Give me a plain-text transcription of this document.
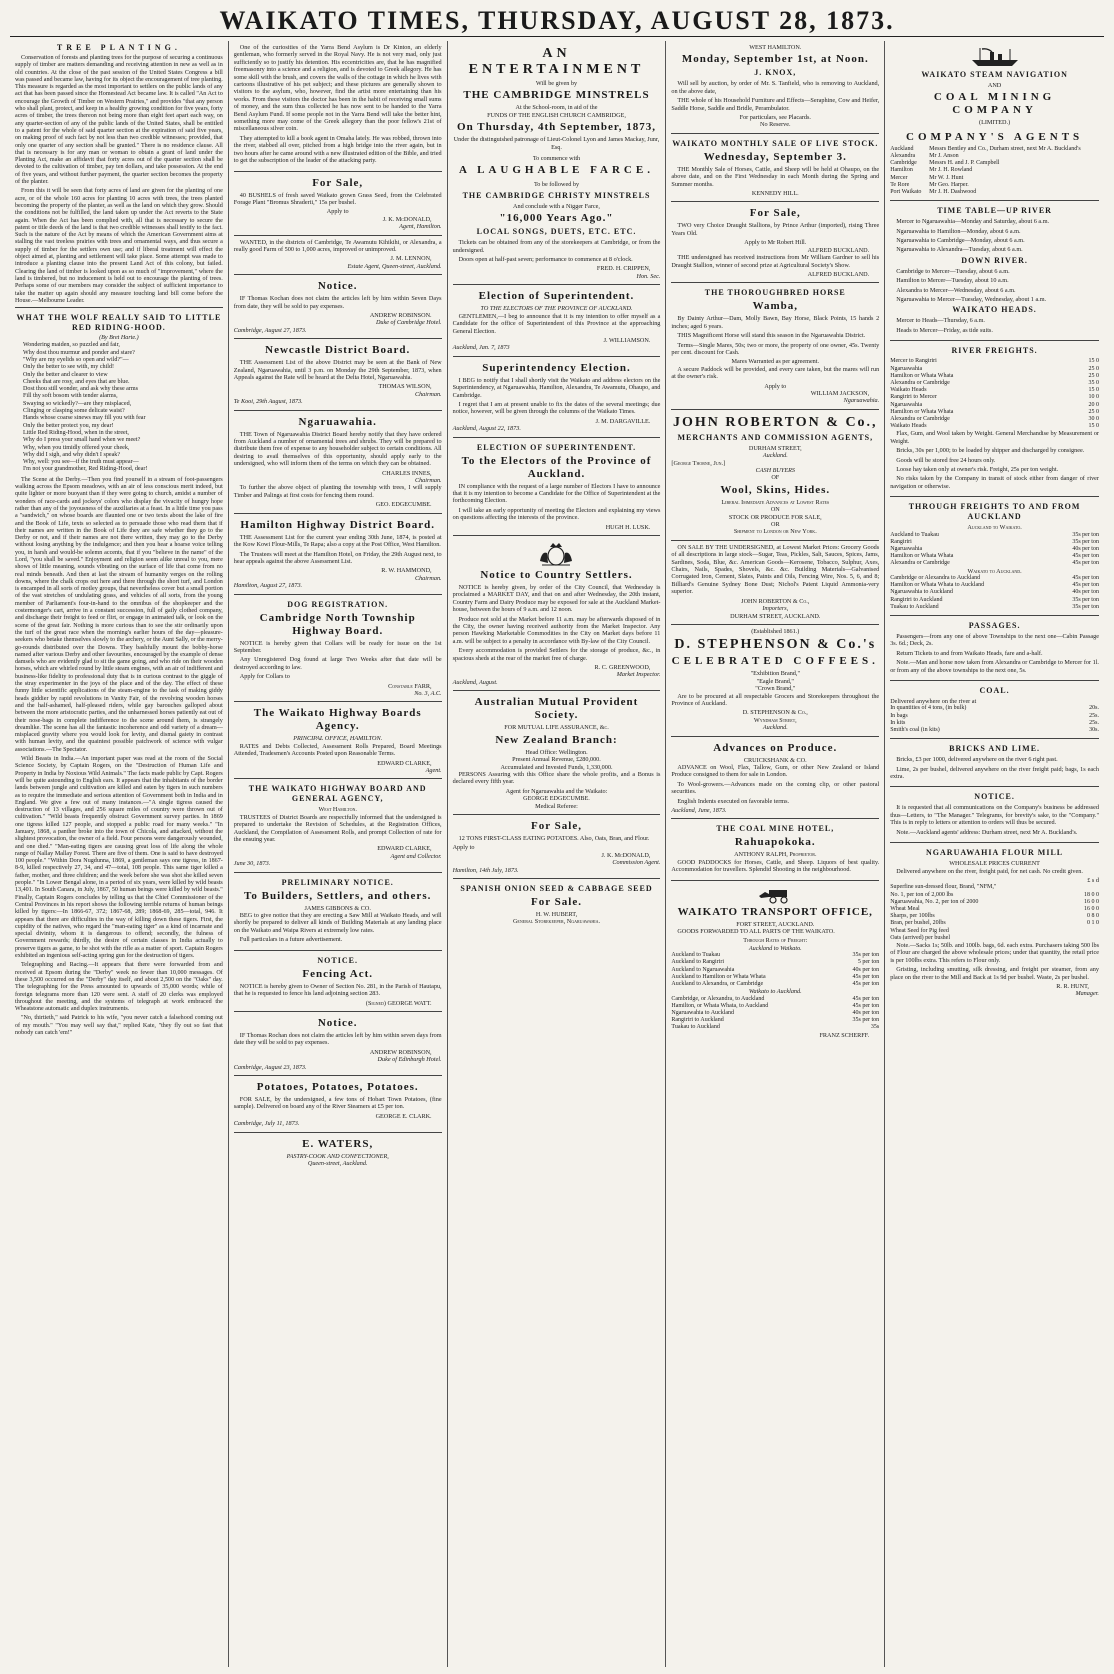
WAIKATO TIMES, THURSDAY, AUGUST 28, 1873.
TREE PLANTING.

Conservation of forests and planting trees for the purpose of securing a continuous supply of timber are matters demanding and receiving attention in new as well as in old countries. At the close of the past session of the United States Congress a bill was passed and became law, having for its object the encouragement of tree planting. This measure is regarded as the most important to settlers on the public lands of any act that has been passed since the Homestead Act became law. It is called "An Act to encourage the Growth of Timber on Western Prairies," and provides "that any person who shall plant, protect, and keep in a healthy growing condition for five years, forty acres of timber, the trees thereon not being more than eight feet apart each way, on any quarter-section of any of the public lands of the United States, shall be entitled to a patent for the whole of said quarter section at the expiration of said five years, on making proof of such fact by not less than two credible witnesses; provided, that only one quarter of any section shall be granted." There is no residence clause. All that is necessary is for any man or woman to obtain a grant of land under the Planting Act, make an affidavit that forty acres out of the quarter section shall be devoted to the cultivation of timber, pay ten dollars, and take possession. At the end of five years, and without further payment, the quarter section becomes the property of the planter.

From this it will be seen that forty acres of land are given for the planting of one acre, or of the whole 160 acres for planting 10 acres with trees, the trees planted becoming the property of the planter, as well as the land on which they grow. Should the conditions not be fulfilled, the land taken up under the Act reverts to the State again. When the Act has been complied with, all that is necessary to secure the patent or title deeds of the land is that two credible witnesses shall testify to the fact. Such is the nature of the Act by means of which the American Government aims at stalling the vast treeless prairies with trees and ornamental ways, and thus secure a supply of timber for the settlers own use; and if liberal treatment will effect the object aimed at, planting and settlement will take place. Some attempt was made to introduce a planting clause into the present Land Act of this colony, but failed. Clearing the land of timber is looked upon as so much of "improvement," where the land is timbered, but no inducement is held out to encourage the planting of trees. Perhaps some of our members may consider the subject of sufficient importance to take the matter up again should any measure touching land bill come before the House.—Melbourne Leader.

WHAT THE WOLF REALLY SAID TO LITTLE RED RIDING-HOOD.
(By Bret Harte.)
Wondering maiden, so puzzled and fair,
Why dost thou murmur and ponder and stare?
"Why are my eyelids so open and wild?"—
Only the better to see with, my child!
Only the better and clearer to view
Cheeks that are rosy, and eyes that are blue.
Dost thou still wonder, and ask why these arms
Fill thy soft bosom with tender alarms,
Swaying so wickedly?—are they misplaced,
Clinging or clasping some delicate waist?
Hands whose coarse sinews may fill you with fear
Only the better protect you, my dear!
Little Red Riding-Hood, when in the street,
Why do I press your small hand when we meet?
Why, when you timidly offered your cheek,
Why did I sigh, and why didn't I speak?
Why, well: you see—if the truth must appear—
I'm not your grandmother, Red Riding-Hood, dear!

The Scene at the Derby.—Then you find yourself in a stream of foot-passengers walking across the Epsom meadows, with an air of less conscious merit indeed, but quite lighter or more buoyant than if they were going to church, amidst a number of wonders of race-cards and jockeys' colors who display the vivacity of hungry hope rather than any of the joyousness of the auxiliaries at a feast. In a little time you pass a "sandwich," on whose boards are flaunted one or two texts about the lake of fire and the Book of Life, texts so selected as to persuade those who read them that if their names are written in the Book of Life they are safe whether they go to the Derby or not, and if their names are not there written, they may go to the Derby without losing anything by the indulgence; and then you hear a hoarse voice telling you, in harsh and would-be solemn accents, that if you "believe in the name" of the Lord, "you shall be saved." Enjoyment and religion seem alike unreal to you, mere shows of little meaning, sounds vibrating on the surface of life that come from no real minds beneath. And then at last the stream of humanity verges on the rolling downs, where the chalk crops out here and there through the short turf, and London is encamped in all sorts of motley groups, that nevertheless cover but a small portion of the vast stretches of undulating grass, and vehicles of all sorts, from the young member of Parliament's four-in-hand to the omnibus of the shopkeeper and the costermonger's cart, arrive in a constant succession, full of gaily clothed company, and discharge their freight to feed or flirt, or engage in animated talk, or look on the scene of the great fair. Nothing is more curious than to see the stir ordinarily upon the turf of the great race when the morning's earlier hours of the day—pleasure-seekers who betake themselves slowly to the archery, or the Aunt Sally, or the merry-go-rounds distributed over the Downs. They bashfully mount the bobby-horse named after various Derby and other favourites, encouraged by the example of dense damsels who are evidently glad to sit the game going, and who ride on their wooden horses, which are whirled round by little steam engines, with an air of indifferent and business-like fidelity to professional duty that is in curious contrast to the giggle of the stray experimenter in the joys of the place and of the day. The effect of these funny little scientific applications of the steam-engine to the task of making giddy heads giddier by rapid revolutions in Vanity Fair, of the revolving wooden horses and the half-ashamed, half-pleased riders, while gay barouches galloped about between the more aristocratic parties, and the unharnessed horses patiently eat out of their nose-bags in complete indifference to the scene around them, is strangely dreamlike. The scene has all the fantastic incoherence and odd variety of a dream—misplaced gravity where you would look for levity, and dismal gaiety in contrast with human levity, and the quaintest possible patchwork of science with vulgar associations.—The Spectator.

Wild Beasts in India.—An important paper was read at the room of the Social Science Society, by Captain Rogers, on the "Destruction of Human Life and Property in India by Noxious Wild Animals." The facts made public by Capt. Rogers will be quite astounding to English ears. It appears that the inhabitants of the border lands between jungle and cultivation are killed and eaten by tigers in such numbers as to require the immediate and serious attention of Government both in India and in England. We give a few out of many instances.—"A single tigress caused the destruction of 13 villages, and 256 square miles of country were thrown out of cultivation." "Wild beasts frequently obstruct Government survey parties. In 1869 one tigress killed 127 people, and stopped a public road for many weeks." "In January, 1868, a panther broke into the town of Chicola, and attacked, without the slightest provocation, the owner of a field. Four persons were dangerously wounded, and one died." "Man-eating tigers are causing great loss of life along the whole range of Nallay Mallay Forest. There are five of them. One is said to have destroyed 100 people." "Within Dora Nugdunna, 1869, a gentleman says one tigress, in 1867-8-9, killed respectively 27, 34, and 47—total, 108 people. This same tiger killed a father, mother, and three children; and the week before she was shot she killed seven people." "In Lower Bengal alone, in a period of six years, were killed by wild beasts 13,401. In South Canara, in July, 1867, 50 human beings were killed by wild beasts." Finally, Captain Rogers concludes by telling us that the Chief Commissioner of the Central Provinces in his report shows the following terrible returns of human beings killed by tigers:—In 1866-67, 372; 1867-68, 289; 1868-69, 285—total, 946. It appears that there are difficulties in the way of killing down these tigers. First, the cupidity of the natives, who regard the "man-eating tiger" as a kind of incarnate and special divinity, whom it is dangerous to offend; secondly, the fulness of Government rewards; thirdly, the desire of certain classes in India actually to preserve tigers as game, to be shot with the rifle as a matter of sport. Captain Rogers exhibited an ingenious self-acting spring gun for the destruction of tigers.

Telegraphing and Racing.—It appears that there were forwarded from and received at Epsom during the "Derby" week no fewer than 10,000 messages. Of these 3,500 occurred on the "Derby" day itself, and about 2,500 on the "Oaks" day. The telegraphing for the Press amounted to upwards of 35,000 words; while of foreign telegrams more than 120 were sent. A staff of 20 clerks was employed throughout the meeting, and the systems of telegraph at work embraced the Wheatstone automatic and duplex instruments.

"No, thirtieth," said Patrick to his wife, "you never catch a falsehood coming out of my mouth." "You may well say that," replied Kate, "they fly out so fast that nobody can catch 'em!"

One of the curiosities of the Yarra Bend Asylum is Dr Kinton, an elderly gentleman, who formerly served in the Royal Navy. He is not very mad, only just sufficiently so to justify his detention. His eccentricities are, that he has magnified freemasonry into a science and a religion, and is devoted to Greek allegory. He has some skill with the brush, and covers the walls of the cottage in which he lives with cartoons illustrative of his pet subject; and these pictures are generally shown to visitors to the asylum, who, however, find the artist more entertaining than his works. From these visitors the doctor has been in the habit of receiving small sums of money, and the sum thus collected he has now sent to be handed to the Yarra Bend Asylum Fund. If some people not in the Yarra Bend will take the better hint, something more may come of the Greek allegory than the poor fellow's 21st of miscellaneous silver coin.

They attempted to kill a book agent in Omaha lately. He was robbed, thrown into the river, stabbed all over, pitched from a high bridge into the river again, but in two hours after he came around with a new illustrated edition of the Bible, and tried to get the subscription of the leader of the attacking party.

For Sale,

40 BUSHELS of fresh saved Waikato grown Grass Seed, from the Celebrated Forage Plant "Bromus Shraderii," 15s per bushel.

Apply to
J. K. McDONALD,
Agent, Hamilton.

WANTED, in the districts of Cambridge, Te Awamutu Kihikihi, or Alexandra, a really good Farm of 500 to 1,000 acres, improved or unimproved.

J. M. LENNON,
Estate Agent, Queen-street, Auckland.
Notice.

IF Thomas Kochan does not claim the articles left by him within Seven Days from date, they will be sold to pay expenses.

ANDREW ROBINSON.
Duke of Cambridge Hotel.
Cambridge, August 27, 1873.
Newcastle District Board.

THE Assessment List of the above District may be seen at the Bank of New Zealand, Ngaruawahia, until 3 p.m. on Monday the 29th September, 1873, when Appeals against the Rate will be heard at the Delta Hotel, Ngaruawahia.

THOMAS WILSON,
Chairman.
Te Kooi, 29th August, 1873.
Ngaruawahia.

THE Town of Ngaruawahia District Board hereby notify that they have ordered from Auckland a number of ornamental trees and shrubs. They will be prepared to distribute them free of expense to any householder subject to certain conditions. All desiring to avail themselves of this opportunity, should apply early to the undersigned, who will inform them of the terms on which they can be obtained.

CHARLES INNES,
Chairman.

To further the above object of planting the township with trees, I will supply Timber and Palings at first costs for fencing them round.

GEO. EDGECUMBE.
Hamilton Highway District Board.

THE Assessment List for the current year ending 30th June, 1874, is posted at the Kow Kowi Flour-Mills, Te Rapa; also a copy at the Post Office, West Hamilton.

The Trustees will meet at the Hamilton Hotel, on Friday, the 29th August next, to hear appeals against the above Assessment List.

R. W. HAMMOND,
Chairman.
Hamilton, August 27, 1873.
DOG REGISTRATION.
Cambridge North Township Highway Board.

NOTICE is hereby given that Collars will be ready for issue on the 1st September.

Any Unregistered Dog found at large Two Weeks after that date will be destroyed according to law.

Apply for Collars to

Constable FARR,
No. 3, A.C.
The Waikato Highway Boards Agency.
PRINCIPAL OFFICE, HAMILTON.

RATES and Debts Collected, Assessment Rolls Prepared, Board Meetings Attended, Tradesmen's Accounts Posted upon Reasonable Terms.

EDWARD CLARKE,
Agent.
THE WAIKATO HIGHWAY BOARD AND GENERAL AGENCY,
West Hamilton.

TRUSTEES of District Boards are respectfully informed that the undersigned is prepared to undertake the Revision of Schedules, at the Registration Offices, Auckland, the Compilation of Assessment Rolls, and prompt Collection of rate for the ensuing year.

EDWARD CLARKE,
Agent and Collector.
June 30, 1873.
PRELIMINARY NOTICE.
To Builders, Settlers, and others.
JAMES GIBBONS & CO.

BEG to give notice that they are erecting a Saw Mill at Waikato Heads, and will shortly be prepared to deliver all kinds of Building Materials at any landing place on the Waikato and Waipa Rivers at extremely low rates.

Full particulars in a future advertisement.

NOTICE.
Fencing Act.

NOTICE is hereby given to Owner of Section No. 281, in the Parish of Hautapu, that he is requested to fence his land adjoining section 283.

(Signed) GEORGE WATT.
Notice.

IF Thomas Rochan does not claim the articles left by him within seven days from date they will be sold to pay expenses.

ANDREW ROBINSON,
Duke of Edinburgh Hotel.
Cambridge, August 23, 1873.
Potatoes, Potatoes, Potatoes.

FOR SALE, by the undersigned, a few tons of Hobart Town Potatoes, (fine sample). Delivered on board any of the River Steamers at £5 per ton.

GEORGE E. CLARK.
Cambridge, July 11, 1873.
E. WATERS,
PASTRY-COOK AND CONFECTIONER,
Queen-street, Auckland.
AN ENTERTAINMENT
Will be given by
THE CAMBRIDGE MINSTRELS
At the School-room, in aid of the
FUNDS OF THE ENGLISH CHURCH CAMBRIDGE,
On Thursday, 4th September, 1873,
Under the distinguished patronage of Lieut-Colonel Lyon and James Mackay, Junr, Esq.
To commence with
A LAUGHABLE FARCE.
To be followed by
THE CAMBRIDGE CHRISTY MINSTRELS
And conclude with a Nigger Farce,
"16,000 Years Ago."
LOCAL SONGS, DUETS, ETC. ETC.

Tickets can be obtained from any of the storekeepers at Cambridge, or from the undersigned.

Doors open at half-past seven; performance to commence at 8 o'clock.

FRED. H. CRIPPEN,
Hon. Sec.
Election of Superintendent.
TO THE ELECTORS OF THE PROVINCE OF AUCKLAND.

GENTLEMEN,—I beg to announce that it is my intention to offer myself as a Candidate for the office of Superintendent of this Province at the approaching General Election.

J. WILLIAMSON.
Auckland, Jan. 7, 1873
Superintendency Election.

I BEG to notify that I shall shortly visit the Waikato and address electors on the Superintendency, at Ngaruawahia, Hamilton, Alexandra, Te Awamutu, Ohaupo, and Cambridge.

I regret that I am at present unable to fix the dates of the several meetings; due notice, however, will be given through the columns of the Waikato Times.

J. M. DARGAVILLE.
Auckland, August 22, 1873.
ELECTION OF SUPERINTENDENT.
To the Electors of the Province of Auckland.

IN compliance with the request of a large number of Electors I have to announce that it is my intention to become a Candidate for the Office of Superintendent at the forthcoming Election.

I will take an early opportunity of meeting the Electors and explaining my views on questions affecting the interests of the province.

HUGH H. LUSK.
Notice to Country Settlers.

NOTICE is hereby given, by order of the City Council, that Wednesday is proclaimed a MARKET DAY, and that on and after Wednesday, the 20th instant, Country Farm and Dairy Produce may be exposed for sale at the Auckland Market-house, between the hours of 9 a.m. and 12 noon.

Produce not sold at the Market before 11 a.m. may be afterwards disposed of in the City, the owner having received authority from the Market Inspector. Any person Hawking Marketable Commodities in the City on Market days before 11 a.m. will be subject to a penalty in accordance with By-law of the City Council.

Every accommodation is provided Settlers for the storage of produce, &c., in spacious sheds at the rear of the market free of charge.

R. C. GREENWOOD,
Market Inspector.
Auckland, August.
Australian Mutual Provident Society.
FOR MUTUAL LIFE ASSURANCE, &c.
New Zealand Branch:
Head Office: Wellington.
Present Annual Revenue, £280,000.
Accumulated and Invested Funds, 1,330,000.

PERSONS Assuring with this Office share the whole profits, and a Bonus is declared every fifth year.

Agent for Ngaruawahia and the Waikato:
GEORGE EDGECUMBE.
Medical Referee:
For Sale,

12 TONS FIRST-CLASS EATING POTATOES. Also, Oats, Bran, and Flour.

Apply to
J. K. McDONALD,
Commission Agent.
Hamilton, 14th July, 1873.
SPANISH ONION SEED & CABBAGE SEED
For Sale.
H. W. HUBERT,
General Storekeeper, Ngaruawahia.
WEST HAMILTON.
Monday, September 1st, at Noon.
J. KNOX,

Will sell by auction, by order of Mr. S. Tanfield, who is removing to Auckland, on the above date,

THE whole of his Household Furniture and Effects—Seraphine, Cow and Heifer, Saddle Horse, Saddle and Bridle, Perambulator.

For particulars, see Placards.
No Reserve.
WAIKATO MONTHLY SALE OF LIVE STOCK.
Wednesday, September 3.

THE Monthly Sale of Horses, Cattle, and Sheep will be held at Ohaupo, on the above date, and on the First Wednesday in each Month during the Spring and Summer months.

KENNEDY HILL.
For Sale,

TWO very Choice Draught Stallions, by Prince Arthur (imported), rising Three Years Old.

Apply to Mr Robert Hill.
ALFRED BUCKLAND.

THE undersigned has received instructions from Mr William Gardner to sell his Draught Stallion, winner of second prize at Agricultural Society's Show.

ALFRED BUCKLAND.
THE THOROUGHBRED HORSE
Wamba,

By Dainty Arthur—Dam, Molly Bawn, Bay Horse, Black Points, 15 hands 2 inches; aged 6 years.

THIS Magnificent Horse will stand this season in the Ngaruawahia District.

Terms—Single Mares, 50s; two or more, the property of one owner, 45s. Twenty per cent. discount for Cash.

Mares Warranted as per agreement.

A secure Paddock will be provided, and every care taken, but the mares will run at the owner's risk.

Apply to
WILLIAM JACKSON,
Ngaruawahia.
JOHN ROBERTON & Co.,
MERCHANTS AND COMMISSION AGENTS,
DURHAM STREET,
Auckland.
[George Thorne, Jun.]
CASH BUYERS
OF
Wool, Skins, Hides.
Liberal Immediate Advances at Lowest Rates
ON
STOCK OR PRODUCE FOR SALE,
OR
Shipment to London or New York.

ON SALE BY THE UNDERSIGNED, at Lowest Market Prices: Grocery Goods of all descriptions in large stock—Sugar, Teas, Pickles, Salt, Sauces, Spices, Jams, Sardines, Soda, Blue, &c. American Goods—Kerosene, Tobacco, Sulphur, Axes, Chairs, Nails, Spades, Shovels, &c. &c. Building Materials—Galvanised Corrugated Iron, Cement, Slates, Paints and Oils, Fencing Wire, Nos. 5, 6, and 8; Billiard's Genuine Sydney Bone Dust; Nichol's Patent Liquid Ammonia-very superior.

JOHN ROBERTON & Co.,
Importers,
DURHAM STREET, AUCKLAND.
(Established 1861.)
D. STEPHENSON & Co.'s
CELEBRATED COFFEES.
"Exhibition Brand,"
"Eagle Brand,"
"Crown Brand,"

Are to be procured at all respectable Grocers and Storekeepers throughout the Province of Auckland.

D. STEPHENSON & Co.,
Wyndham Street,
Auckland.
Advances on Produce.
CRUICKSHANK & CO.

ADVANCE on Wool, Flax, Tallow, Gum, or other New Zealand or Island Produce consigned to them for sale in London.

To Wool-growers.—Advances made on the coming clip, or other pastoral securities.

English Indents executed on favorable terms.

Auckland, June, 1873.
THE COAL MINE HOTEL,
Rahuapokoka.
ANTHONY RALPH, Proprietor.

GOOD PADDOCKS for Horses, Cattle, and Sheep. Liquors of best quality. Accommodation for travellers. Splendid Shooting in the neighbourhood.

WAIKATO TRANSPORT OFFICE,
FORT STREET, AUCKLAND.

GOODS FORWARDED TO ALL PARTS OF THE WAIKATO.

Through Rates of Freight:
Auckland to Waikato.
Auckland to Tuakau	35s per ton
Auckland to Rangiriri	5 per ton
Auckland to Ngaruawahia	40s per ton
Auckland to Hamilton or Whata Whata	45s per ton
Auckland to Alexandra, or Cambridge	45s per ton
Waikato to Auckland.
Cambridge, or Alexandra, to Auckland	45s per ton
Hamilton, or Whata Whata, to Auckland	45s per ton
Ngaruawahia to Auckland	40s per ton
Rangiriri to Auckland	35s per ton
Tuakau to Auckland	35s
FRANZ SCHERFF.
WAIKATO STEAM NAVIGATION
AND
COAL MINING COMPANY
(LIMITED.)
COMPANY'S AGENTS
Auckland	Messrs Bentley and Co., Durham street, next Mr A. Buckland's
Alexandra	Mr J. Anson
Cambridge	Messrs H. and J. P. Campbell
Hamilton	Mr J. H. Rowland
Mercer	Mr W. J. Hunt
Te Rore	Mr Geo. Harper.
Port Waikato	Mr J. H. Dashwood
TIME TABLE—UP RIVER

Mercer to Ngaruawahia—Monday and Saturday, about 6 a.m.

Ngaruawahia to Hamilton—Monday, about 6 a.m.

Ngaruawahia to Cambridge—Monday, about 6 a.m.

Ngaruawahia to Alexandra—Tuesday, about 6 a.m.

DOWN RIVER.

Cambridge to Mercer—Tuesday, about 6 a.m.

Hamilton to Mercer—Tuesday, about 10 a.m.

Alexandra to Mercer—Wednesday, about 6 a.m.

Ngaruawahia to Mercer—Tuesday, Wednesday, about 1 a.m.

WAIKATO HEADS.

Mercer to Heads—Thursday, 6 a.m.

Heads to Mercer—Friday, as tide suits.

RIVER FREIGHTS.
Mercer to Rangiriri	15 0
Ngaruawahia	25 0
Hamilton or Whata Whata	25 0
Alexandra or Cambridge	35 0
Waikato Heads	15 0
Rangiriri to Mercer	10 0
Ngaruawahia	20 0
Hamilton or Whata Whata	25 0
Alexandra or Cambridge	30 0
Waikato Heads	15 0

Flax, Gum, and Wool taken by Weight. General Merchandise by Measurement or Weight.

Bricks, 30s per 1,000; to be loaded by shipper and discharged by consignee.

Goods will be stored free 24 hours only.

Loose hay taken only at owner's risk. Freight, 25s per ton weight.

No risks taken by the Company in transit of stock either from danger of river navigation or otherwise.

THROUGH FREIGHTS TO AND FROM AUCKLAND
Auckland to Waikato.
Auckland to Tuakau	35s per ton
Rangiriri	35s per ton
Ngaruawahia	40s per ton
Hamilton or Whata Whata	45s per ton
Alexandra or Cambridge	45s per ton
Waikato to Auckland.
Cambridge or Alexandra to Auckland	45s per ton
Hamilton or Whata Whata to Auckland	45s per ton
Ngaruawahia to Auckland	40s per ton
Rangiriri to Auckland	35s per ton
Tuakau to Auckland	35s per ton
PASSAGES.

Passengers—from any one of above Townships to the next one—Cabin Passage 3s. 6d.; Deck, 2s.

Return Tickets to and from Waikato Heads, fare and a-half.

Note.—Man and horse now taken from Alexandra or Cambridge to Mercer for 1l. or from any of the above townships to the next one, 5s.

COAL.
Delivered anywhere on the river at
In quantities of 4 tons, (in bulk)	20s.
In bags	25s.
In kits	25s.
Smith's coal (in kits)	30s.
BRICKS AND LIME.

Bricks, £3 per 1000, delivered anywhere on the river 6 right past.

Lime, 2s per bushel, delivered anywhere on the river freight paid; bags, 1s each extra.

NOTICE.

It is requested that all communications on the Company's business be addressed thus—Letters, to "The Manager." Telegrams, for brevity's sake, to the "Company." This is in reply to letters or attention to orders will thus be secured.

Note.—Auckland agents' address: Durham street, next Mr A. Buckland's.

NGARUAWAHIA FLOUR MILL
WHOLESALE PRICES CURRENT

Delivered anywhere on the river, freight paid, for net cash. No credit given.

£ s d
Superfine sun-dressed flour, Brand, "NFM,"	
No. 1, per ton of 2,000 lbs	18 0 0
Ngaruawahia, No. 2, per ton of 2000	16 0 0
Wheat Meal	16 0 0
Sharps, per 100lbs	0 8 0
Bran, per bushel, 20lbs	0 1 0
Wheat Seed for Pig feed	
Oats (arrived) per bushel	

Note.—Sacks 1s; 50lb. and 100lb. bags, 6d. each extra. Purchasers taking 500 lbs of Flour are charged the above wholesale prices; under that quantity, the retail price is per 100lbs extra. This refers to Flour only.

Gristing, including smutting, silk dressing, and freight per steamer, from any place on the river to the Mill and Back at 1s 9d per bushel. Waste, 2s per bushel.

R. R. HUNT,
Manager.
